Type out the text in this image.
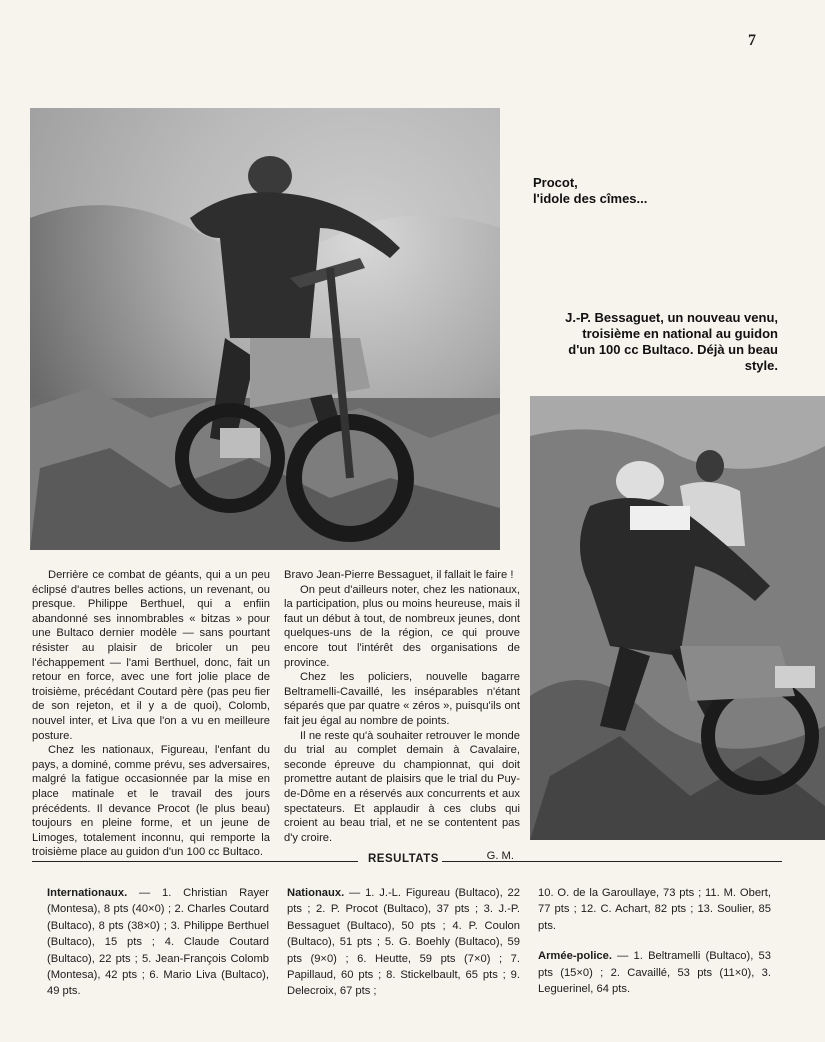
7
Procot,
l'idole des cîmes...
J.-P. Bessaguet, un nouveau venu,
troisième en national au guidon
d'un 100 cc Bultaco. Déjà un beau
style.

Derrière ce combat de géants, qui a un peu éclipsé d'autres belles actions, un revenant, ou presque. Philippe Berthuel, qui a enfiin abandonné ses innombrables « bitzas » pour une Bultaco dernier modèle — sans pourtant résister au plaisir de bricoler un peu l'échappement — l'ami Berthuel, donc, fait un retour en force, avec une fort jolie place de troisième, précédant Coutard père (pas peu fier de son rejeton, et il y a de quoi), Colomb, nouvel inter, et Liva que l'on a vu en meilleure posture.

Chez les nationaux, Figureau, l'enfant du pays, a dominé, comme prévu, ses adversaires, malgré la fatigue occasionnée par la mise en place matinale et le travail des jours précédents. Il devance Procot (le plus beau) toujours en pleine forme, et un jeune de Limoges, totalement inconnu, qui remporte la troisième place au guidon d'un 100 cc Bultaco.

Bravo Jean-Pierre Bessaguet, il fallait le faire !

On peut d'ailleurs noter, chez les nationaux, la participation, plus ou moins heureuse, mais il faut un début à tout, de nombreux jeunes, dont quelques-uns de la région, ce qui prouve encore tout l'intérêt des organisations de province.

Chez les policiers, nouvelle bagarre Beltramelli-Cavaillé, les inséparables n'étant séparés que par quatre « zéros », puisqu'ils ont fait jeu égal au nombre de points.

Il ne reste qu'à souhaiter retrouver le monde du trial au complet demain à Cavalaire, seconde épreuve du championnat, qui doit promettre autant de plaisirs que le trial du Puy-de-Dôme en a réservés aux concurrents et aux spectateurs. Et applaudir à ces clubs qui croient au beau trial, et ne se contentent pas d'y croire.

G. M.
RESULTATS

Internationaux. — 1. Christian Rayer (Montesa), 8 pts (40×0) ; 2. Charles Coutard (Bultaco), 8 pts (38×0) ; 3. Philippe Berthuel (Bultaco), 15 pts ; 4. Claude Coutard (Bultaco), 22 pts ; 5. Jean-François Colomb (Montesa), 42 pts ; 6. Mario Liva (Bultaco), 49 pts.

Nationaux. — 1. J.-L. Figureau (Bultaco), 22 pts ; 2. P. Procot (Bultaco), 37 pts ; 3. J.-P. Bessaguet (Bultaco), 50 pts ; 4. P. Coulon (Bultaco), 51 pts ; 5. G. Boehly (Bultaco), 59 pts (9×0) ; 6. Heutte, 59 pts (7×0) ; 7. Papillaud, 60 pts ; 8. Stickelbault, 65 pts ; 9. Delecroix, 67 pts ;

10. O. de la Garoullaye, 73 pts ; 11. M. Obert, 77 pts ; 12. C. Achart, 82 pts ; 13. Soulier, 85 pts.

Armée-police. — 1. Beltramelli (Bultaco), 53 pts (15×0) ; 2. Cavaillé, 53 pts (11×0), 3. Leguerinel, 64 pts.
